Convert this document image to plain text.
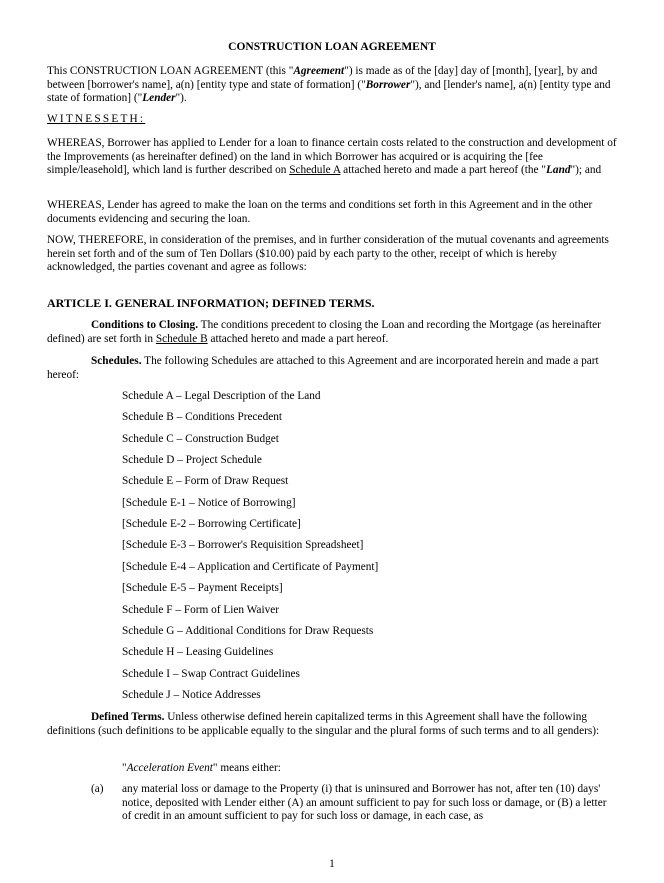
CONSTRUCTION LOAN AGREEMENT
This CONSTRUCTION LOAN AGREEMENT (this "Agreement") is made as of the [day] day of [month], [year], by and between [borrower's name], a(n) [entity type and state of formation] ("Borrower"), and [lender's name], a(n) [entity type and state of formation] ("Lender").
WITNESSETH:
WHEREAS, Borrower has applied to Lender for a loan to finance certain costs related to the construction and development of the Improvements (as hereinafter defined) on the land in which Borrower has acquired or is acquiring the [fee simple/leasehold], which land is further described on Schedule A attached hereto and made a part hereof (the "Land"); and
WHEREAS, Lender has agreed to make the loan on the terms and conditions set forth in this Agreement and in the other documents evidencing and securing the loan.
NOW, THEREFORE, in consideration of the premises, and in further consideration of the mutual covenants and agreements herein set forth and of the sum of Ten Dollars ($10.00) paid by each party to the other, receipt of which is hereby acknowledged, the parties covenant and agree as follows:
ARTICLE I. GENERAL INFORMATION; DEFINED TERMS.
Conditions to Closing. The conditions precedent to closing the Loan and recording the Mortgage (as hereinafter defined) are set forth in Schedule B attached hereto and made a part hereof.
Schedules. The following Schedules are attached to this Agreement and are incorporated herein and made a part hereof:
Schedule A – Legal Description of the Land
Schedule B – Conditions Precedent
Schedule C – Construction Budget
Schedule D – Project Schedule
Schedule E – Form of Draw Request
[Schedule E-1 – Notice of Borrowing]
[Schedule E-2 – Borrowing Certificate]
[Schedule E-3 – Borrower's Requisition Spreadsheet]
[Schedule E-4 – Application and Certificate of Payment]
[Schedule E-5 – Payment Receipts]
Schedule F – Form of Lien Waiver
Schedule G – Additional Conditions for Draw Requests
Schedule H – Leasing Guidelines
Schedule I – Swap Contract Guidelines
Schedule J – Notice Addresses
Defined Terms. Unless otherwise defined herein capitalized terms in this Agreement shall have the following definitions (such definitions to be applicable equally to the singular and the plural forms of such terms and to all genders):
"Acceleration Event" means either:
(a) any material loss or damage to the Property (i) that is uninsured and Borrower has not, after ten (10) days' notice, deposited with Lender either (A) an amount sufficient to pay for such loss or damage, or (B) a letter of credit in an amount sufficient to pay for such loss or damage, in each case, as
1
